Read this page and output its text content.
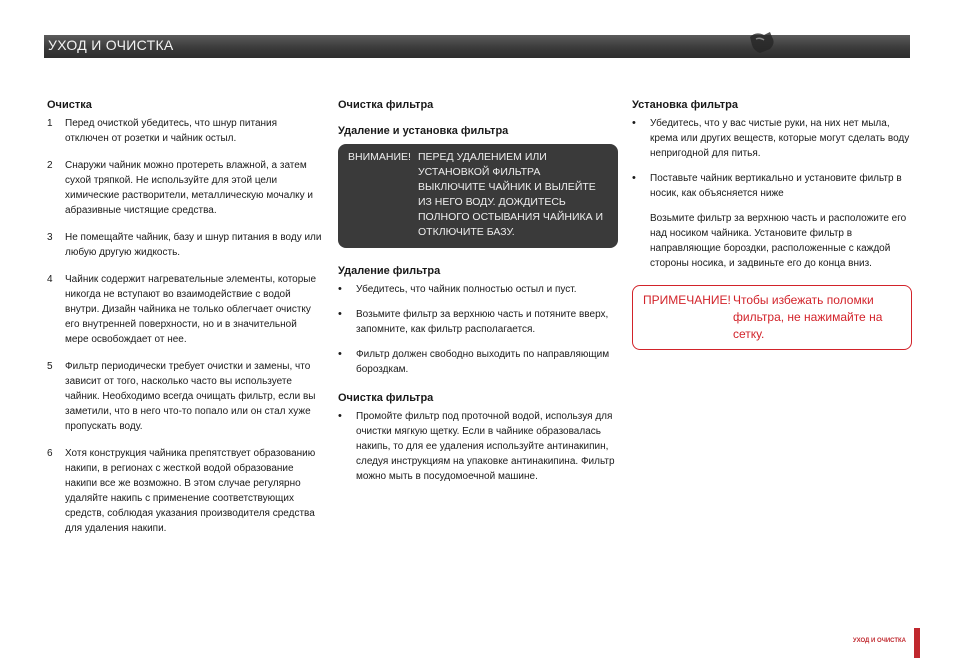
УХОД И ОЧИСТКА
Очистка
1	Перед очисткой убедитесь, что шнур питания отключен от розетки и чайник остыл.
2	Снаружи чайник можно протереть влажной, а затем сухой тряпкой. Не используйте для этой цели химические растворители, металлическую мочалку и абразивные чистящие средства.
3	Не помещайте чайник, базу и шнур питания в воду или любую другую жидкость.
4	Чайник содержит нагревательные элементы, которые никогда не вступают во взаимодействие с водой внутри. Дизайн чайника не только облегчает очистку его внутренней поверхности, но и в значительной мере освобождает от нее.
5	Фильтр периодически требует очистки и замены, что зависит от того, насколько часто вы используете чайник. Необходимо всегда очищать фильтр, если вы заметили, что в него что-то попало или он стал хуже пропускать воду.
6	Хотя конструкция чайника препятствует образованию накипи, в регионах с жесткой водой образование накипи все же возможно. В этом случае регулярно удаляйте накипь с применение соответствующих средств, соблюдая указания производителя средства для удаления накипи.
Очистка фильтра
Удаление и установка фильтра
ВНИМАНИЕ! ПЕРЕД УДАЛЕНИЕМ ИЛИ УСТАНОВКОЙ ФИЛЬТРА ВЫКЛЮЧИТЕ ЧАЙНИК И ВЫЛЕЙТЕ ИЗ НЕГО ВОДУ. ДОЖДИТЕСЬ ПОЛНОГО ОСТЫВАНИЯ ЧАЙНИКА И ОТКЛЮЧИТЕ БАЗУ.
Удаление фильтра
•	Убедитесь, что чайник полностью остыл и пуст.
•	Возьмите фильтр за верхнюю часть и потяните вверх, запомните, как фильтр располагается.
•	Фильтр должен свободно выходить по направляющим бороздкам.
Очистка фильтра
•	Промойте фильтр под проточной водой, используя для очистки мягкую щетку. Если в чайнике образовалась накипь, то для ее удаления используйте антинакипин, следуя инструкциям на упаковке антинакипина. Фильтр можно мыть в посудомоечной машине.
Установка фильтра
•	Убедитесь, что у вас чистые руки, на них нет мыла, крема или других веществ, которые могут сделать воду непригодной для питья.
•	Поставьте чайник вертикально и установите фильтр в носик, как объясняется ниже

Возьмите фильтр за верхнюю часть и расположите его над носиком чайника. Установите фильтр в направляющие бороздки, расположенные с каждой стороны носика, и задвиньте его до конца вниз.

ПРИМЕЧАНИЕ! Чтобы избежать поломки фильтра, не нажимайте на сетку.
УХОД И ОЧИСТКА
